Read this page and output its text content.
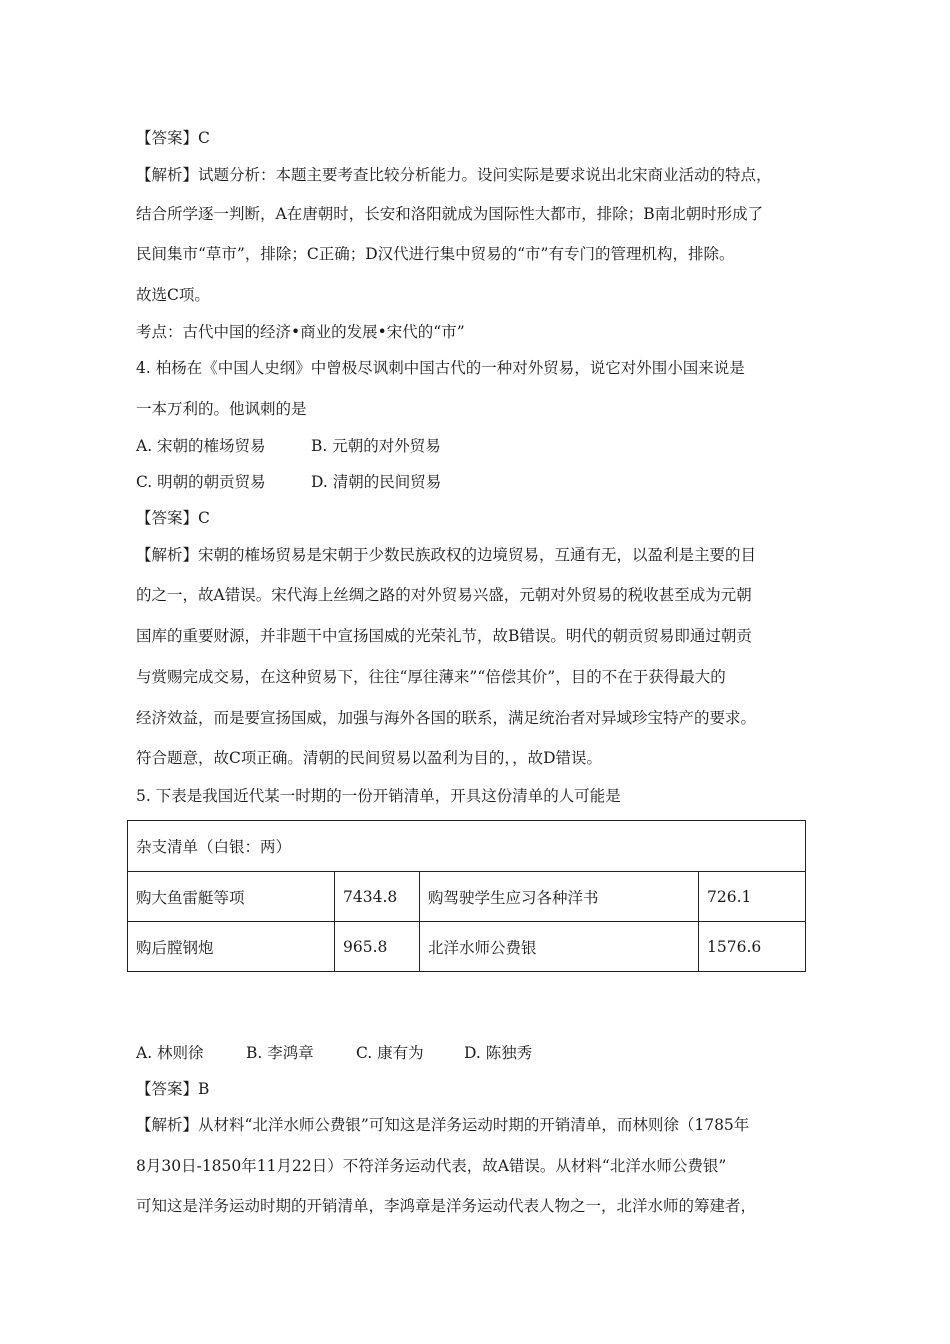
【答案】C
【解析】试题分析：本题主要考查比较分析能力。设问实际是要求说出北宋商业活动的特点，
结合所学逐一判断，A在唐朝时，长安和洛阳就成为国际性大都市，排除；B南北朝时形成了
民间集市“草市”，排除；C正确；D汉代进行集中贸易的“市”有专门的管理机构，排除。
故选C项。
考点：古代中国的经济•商业的发展•宋代的“市”
4. 柏杨在《中国人史纲》中曾极尽讽刺中国古代的一种对外贸易，说它对外围小国来说是
一本万利的。他讽刺的是
A. 宋朝的榷场贸易	B. 元朝的对外贸易
C. 明朝的朝贡贸易	D. 清朝的民间贸易
【答案】C
【解析】宋朝的榷场贸易是宋朝于少数民族政权的边境贸易，互通有无，以盈利是主要的目
的之一，故A错误。宋代海上丝绸之路的对外贸易兴盛，元朝对外贸易的税收甚至成为元朝
国库的重要财源，并非题干中宣扬国威的光荣礼节，故B错误。明代的朝贡贸易即通过朝贡
与赏赐完成交易，在这种贸易下，往往“厚往薄来”“倍偿其价”，目的不在于获得最大的
经济效益，而是要宣扬国威，加强与海外各国的联系，满足统治者对异域珍宝特产的要求。
符合题意，故C项正确。清朝的民间贸易以盈利为目的，，故D错误。
5. 下表是我国近代某一时期的一份开销清单，开具这份清单的人可能是
杂支清单（白银：两）			
购大鱼雷艇等项	7434.8	购驾驶学生应习各种洋书	726.1
购后膛钢炮	965.8	北洋水师公费银	1576.6
A. 林则徐	B. 李鸿章	C. 康有为	D. 陈独秀
【答案】B
【解析】从材料“北洋水师公费银”可知这是洋务运动时期的开销清单，而林则徐（1785年
8月30日-1850年11月22日）不符洋务运动代表，故A错误。从材料“北洋水师公费银”
可知这是洋务运动时期的开销清单，李鸿章是洋务运动代表人物之一，北洋水师的筹建者，
